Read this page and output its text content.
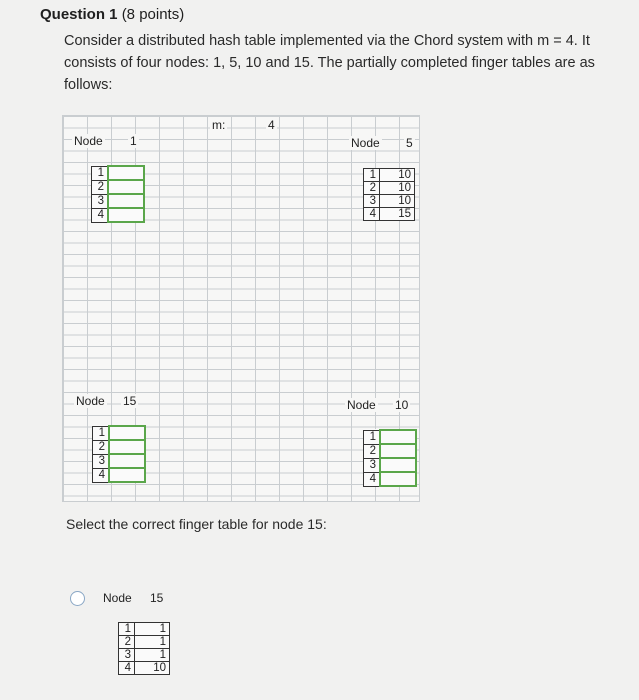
Question 1 (8 points)
Consider a distributed hash table implemented via the Chord system with m = 4. It consists of four nodes: 1, 5, 10 and 15. The partially completed finger tables are as follows:
m:	4
Node 1
1	
2	
3	
4	
Node 5
1	10
2	10
3	10
4	15
Node 15
1	
2	
3	
4	
Node 10
1	
2	
3	
4	
Select the correct finger table for node 15:
Node 15
1	1
2	1
3	1
4	10
